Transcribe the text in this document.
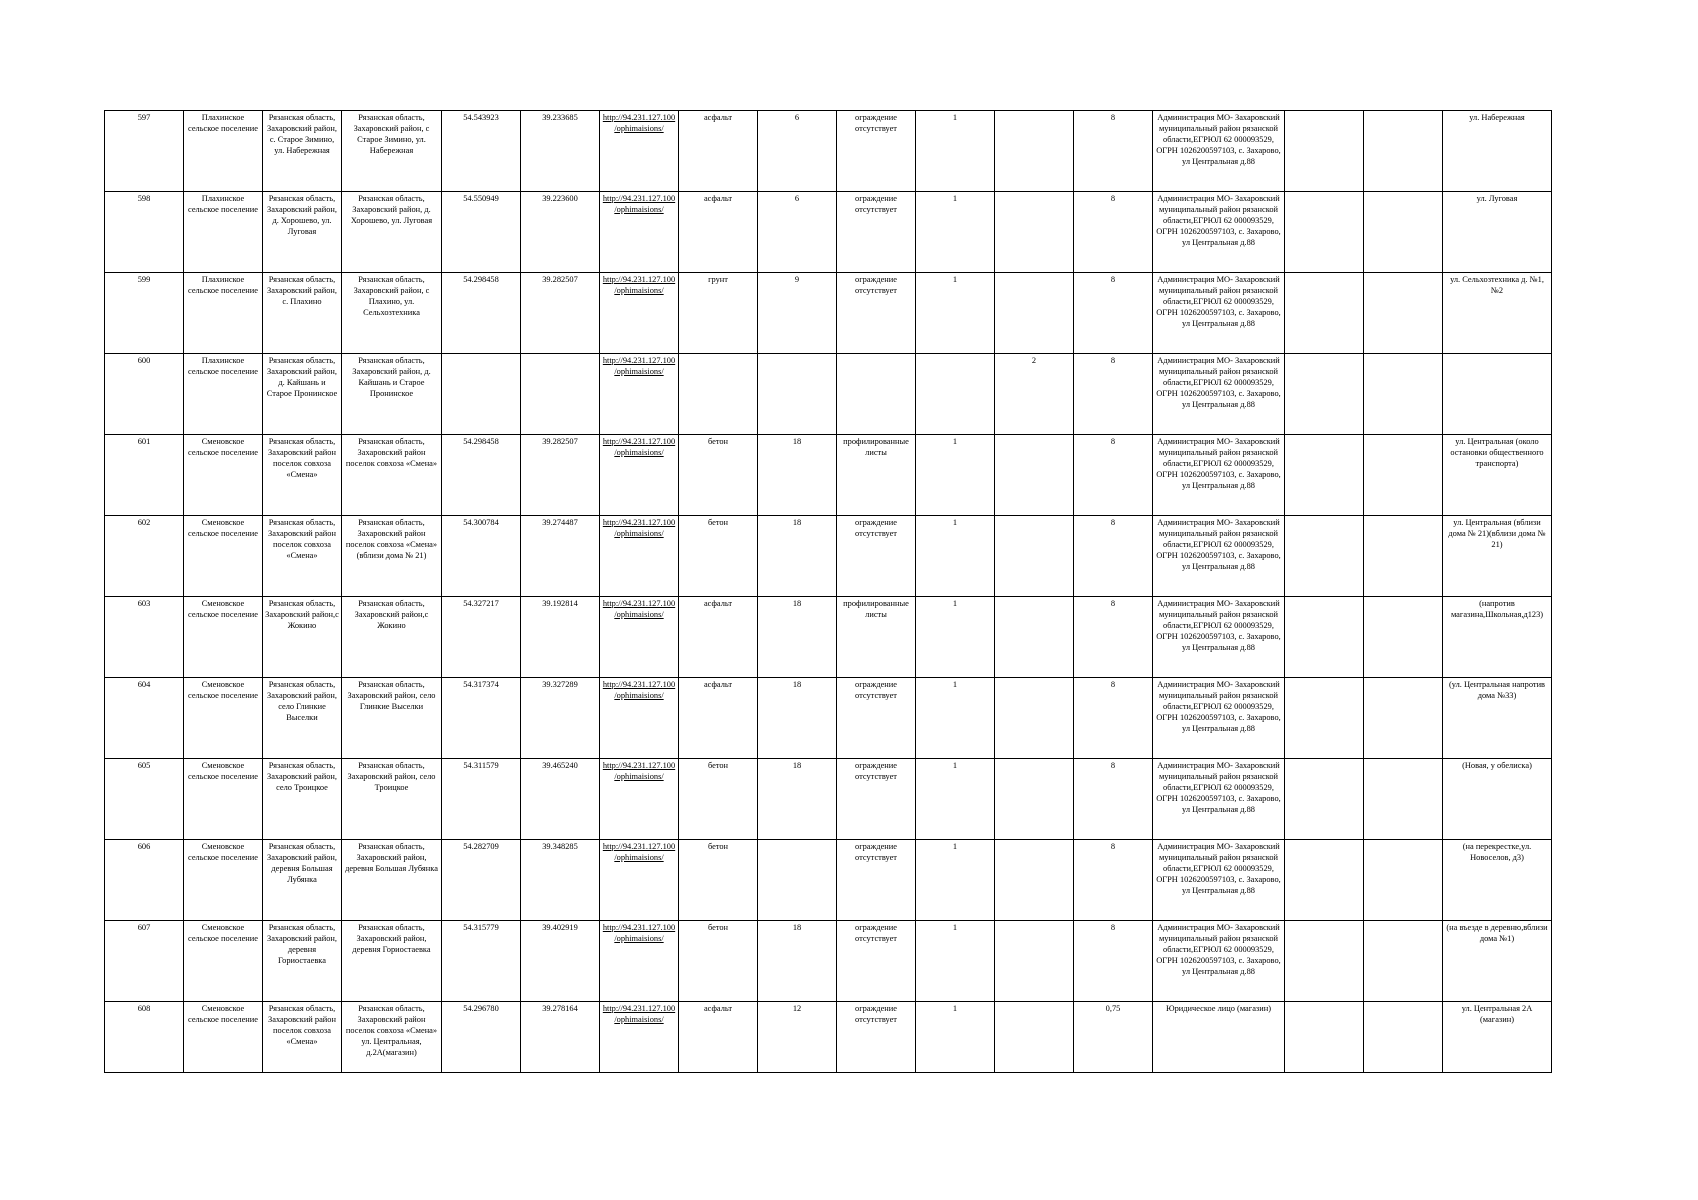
597	Плахинское сельское поселение	Рязанская область, Захаровский район, с. Старое Зимино, ул. Набережная	Рязанская область, Захаровский район, с Старое Зимино, ул. Набережная	54.543923	39.233685	http://94.231.127.100/ophimaisions/	асфальт	6	ограждение отсутствует	1		8	Администрация МО- Захаровский муниципальный район рязанской области,ЕГРЮЛ 62 000093529, ОГРН 1026200597103, с. Захарово, ул Центральная д.88			ул. Набережная
598	Плахинское сельское поселение	Рязанская область, Захаровский район, д. Хорошево, ул. Луговая	Рязанская область, Захаровский район, д. Хорошево, ул. Луговая	54.550949	39.223600	http://94.231.127.100/ophimaisions/	асфальт	6	ограждение отсутствует	1		8	Администрация МО- Захаровский муниципальный район рязанской области,ЕГРЮЛ 62 000093529, ОГРН 1026200597103, с. Захарово, ул Центральная д.88			ул. Луговая
599	Плахинское сельское поселение	Рязанская область, Захаровский район, с. Плахино	Рязанская область, Захаровский район, с Плахино, ул. Сельхозтехника	54.298458	39.282507	http://94.231.127.100/ophimaisions/	грунт	9	ограждение отсутствует	1		8	Администрация МО- Захаровский муниципальный район рязанской области,ЕГРЮЛ 62 000093529, ОГРН 1026200597103, с. Захарово, ул Центральная д.88			ул. Сельхозтехника д. №1, №2
600	Плахинское сельское поселение	Рязанская область, Захаровский район, д. Кайшань и Старое Пронинское	Рязанская область, Захаровский район, д. Кайшань и Старое Пронинское			http://94.231.127.100/ophimaisions/					2	8	Администрация МО- Захаровский муниципальный район рязанской области,ЕГРЮЛ 62 000093529, ОГРН 1026200597103, с. Захарово, ул Центральная д.88			
601	Сменовское сельское поселение	Рязанская область, Захаровский район поселок совхоза «Смена»	Рязанская область, Захаровский район поселок совхоза «Смена»	54.298458	39.282507	http://94.231.127.100/ophimaisions/	бетон	18	профилированные листы	1		8	Администрация МО- Захаровский муниципальный район рязанской области,ЕГРЮЛ 62 000093529, ОГРН 1026200597103, с. Захарово, ул Центральная д.88			ул. Центральная (около остановки общественного транспорта)
602	Сменовское сельское поселение	Рязанская область, Захаровский район поселок совхоза «Смена»	Рязанская область, Захаровский район поселок совхоза «Смена» (вблизи дома № 21)	54.300784	39.274487	http://94.231.127.100/ophimaisions/	бетон	18	ограждение отсутствует	1		8	Администрация МО- Захаровский муниципальный район рязанской области,ЕГРЮЛ 62 000093529, ОГРН 1026200597103, с. Захарово, ул Центральная д.88			ул. Центральная (вблизи дома № 21)(вблизи дома № 21)
603	Сменовское сельское поселение	Рязанская область, Захаровский район,с Жокино	Рязанская область, Захаровский район,с Жокино	54.327217	39.192814	http://94.231.127.100/ophimaisions/	асфальт	18	профилированные листы	1		8	Администрация МО- Захаровский муниципальный район рязанской области,ЕГРЮЛ 62 000093529, ОГРН 1026200597103, с. Захарово, ул Центральная д.88			(напротив магазина,Школьная,д123)
604	Сменовское сельское поселение	Рязанская область, Захаровский район, село Глинкие Выселки	Рязанская область, Захаровский район, село Глинкие Выселки	54.317374	39.327289	http://94.231.127.100/ophimaisions/	асфальт	18	ограждение отсутствует	1		8	Администрация МО- Захаровский муниципальный район рязанской области,ЕГРЮЛ 62 000093529, ОГРН 1026200597103, с. Захарово, ул Центральная д.88			(ул. Центральная напротив дома №33)
605	Сменовское сельское поселение	Рязанская область, Захаровский район, село Троицкое	Рязанская область, Захаровский район, село Троицкое	54.311579	39.465240	http://94.231.127.100/ophimaisions/	бетон	18	ограждение отсутствует	1		8	Администрация МО- Захаровский муниципальный район рязанской области,ЕГРЮЛ 62 000093529, ОГРН 1026200597103, с. Захарово, ул Центральная д.88			(Новая, у обелиска)
606	Сменовское сельское поселение	Рязанская область, Захаровский район, деревня Большая Лубянка	Рязанская область, Захаровский район, деревня Большая Лубянка	54.282709	39.348285	http://94.231.127.100/ophimaisions/	бетон		ограждение отсутствует	1		8	Администрация МО- Захаровский муниципальный район рязанской области,ЕГРЮЛ 62 000093529, ОГРН 1026200597103, с. Захарово, ул Центральная д.88			(на перекрестке,ул. Новоселов, д3)
607	Сменовское сельское поселение	Рязанская область, Захаровский район, деревня Гориостаевка	Рязанская область, Захаровский район, деревня Гориостаевка	54.315779	39.402919	http://94.231.127.100/ophimaisions/	бетон	18	ограждение отсутствует	1		8	Администрация МО- Захаровский муниципальный район рязанской области,ЕГРЮЛ 62 000093529, ОГРН 1026200597103, с. Захарово, ул Центральная д.88			(на въезде в деревню,вблизи дома №1)
608	Сменовское сельское поселение	Рязанская область, Захаровский район поселок совхоза «Смена»	Рязанская область, Захаровский район поселок совхоза «Смена» ул. Центральная, д.2А(магазин)	54.296780	39.278164	http://94.231.127.100/ophimaisions/	асфальт	12	ограждение отсутствует	1		0,75	Юридическое лицо (магазин)			ул. Центральная 2А (магазин)
